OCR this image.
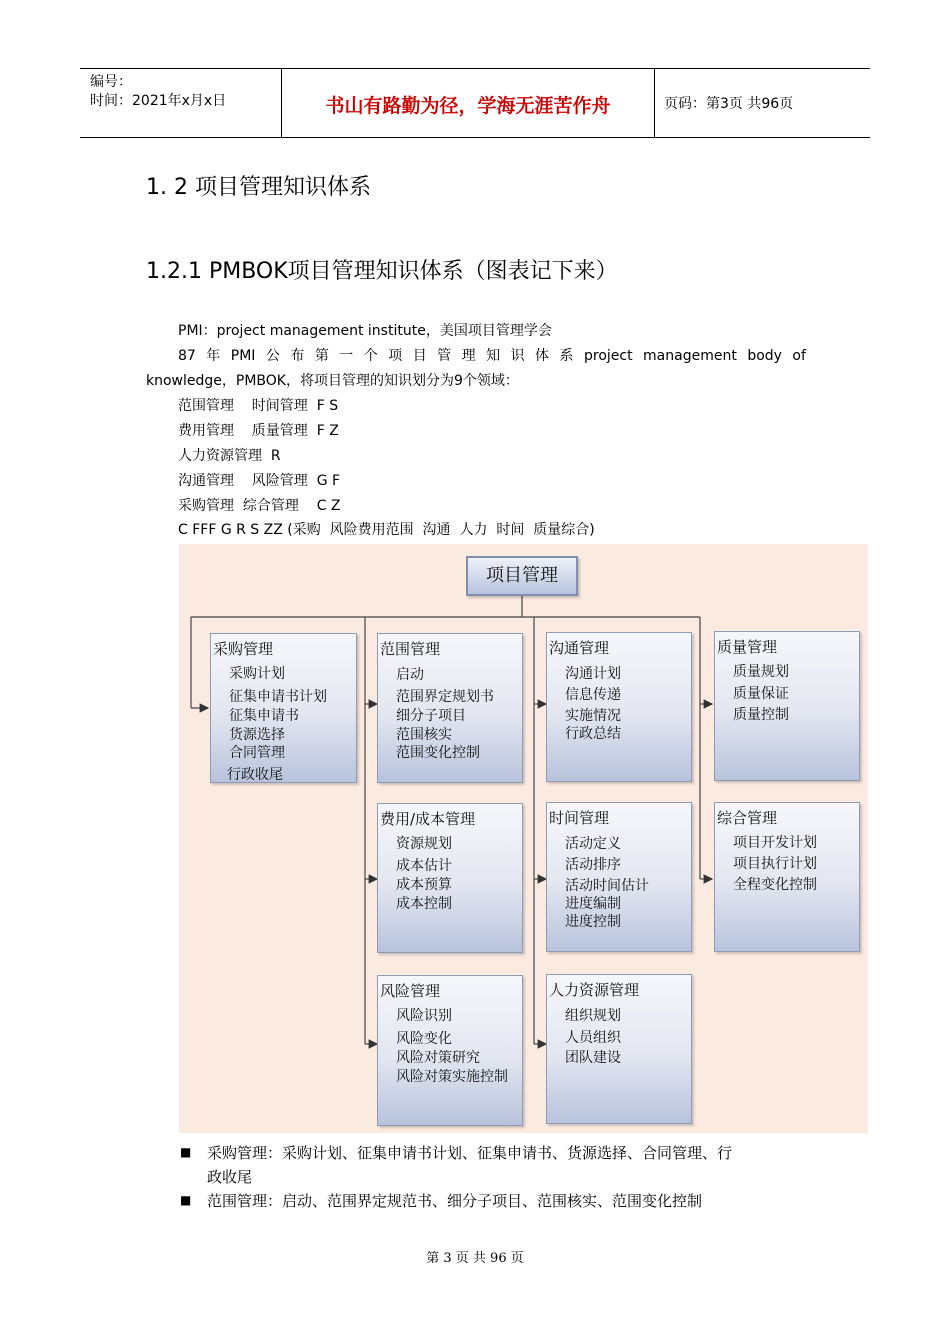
编号：
时间：2021年x月x日	书山有路勤为径，学海无涯苦作舟	页码：第3页 共96页
1. 2 项目管理知识体系
1.2.1 PMBOK项目管理知识体系（图表记下来）
PMI：project management institute，美国项目管理学会
87 年 PMI 公 布 第 一 个 项 目 管 理 知 识 体 系 project management body of
knowledge，PMBOK，将项目管理的知识划分为9个领域：
范围管理    时间管理  F S
费用管理    质量管理  F Z
人力资源管理  R
沟通管理    风险管理  G F
采购管理  综合管理    C Z
C FFF G R S ZZ (采购  风险费用范围  沟通  人力  时间  质量综合)
项目管理
采购管理
采购计划
征集申请书计划
征集申请书
货源选择
合同管理
行政收尾
范围管理
启动
范围界定规划书
细分子项目
范围核实
范围变化控制
沟通管理
沟通计划
信息传递
实施情况
行政总结
质量管理
质量规划
质量保证
质量控制
费用/成本管理
资源规划
成本估计
成本预算
成本控制
时间管理
活动定义
活动排序
活动时间估计
进度编制
进度控制
综合管理
项目开发计划
项目执行计划
全程变化控制
风险管理
风险识别
风险变化
风险对策研究
风险对策实施控制
人力资源管理
组织规划
人员组织
团队建设
■ 采购管理：采购计划、征集申请书计划、征集申请书、货源选择、合同管理、行
政收尾
■ 范围管理：启动、范围界定规范书、细分子项目、范围核实、范围变化控制
第 3 页 共 96 页
